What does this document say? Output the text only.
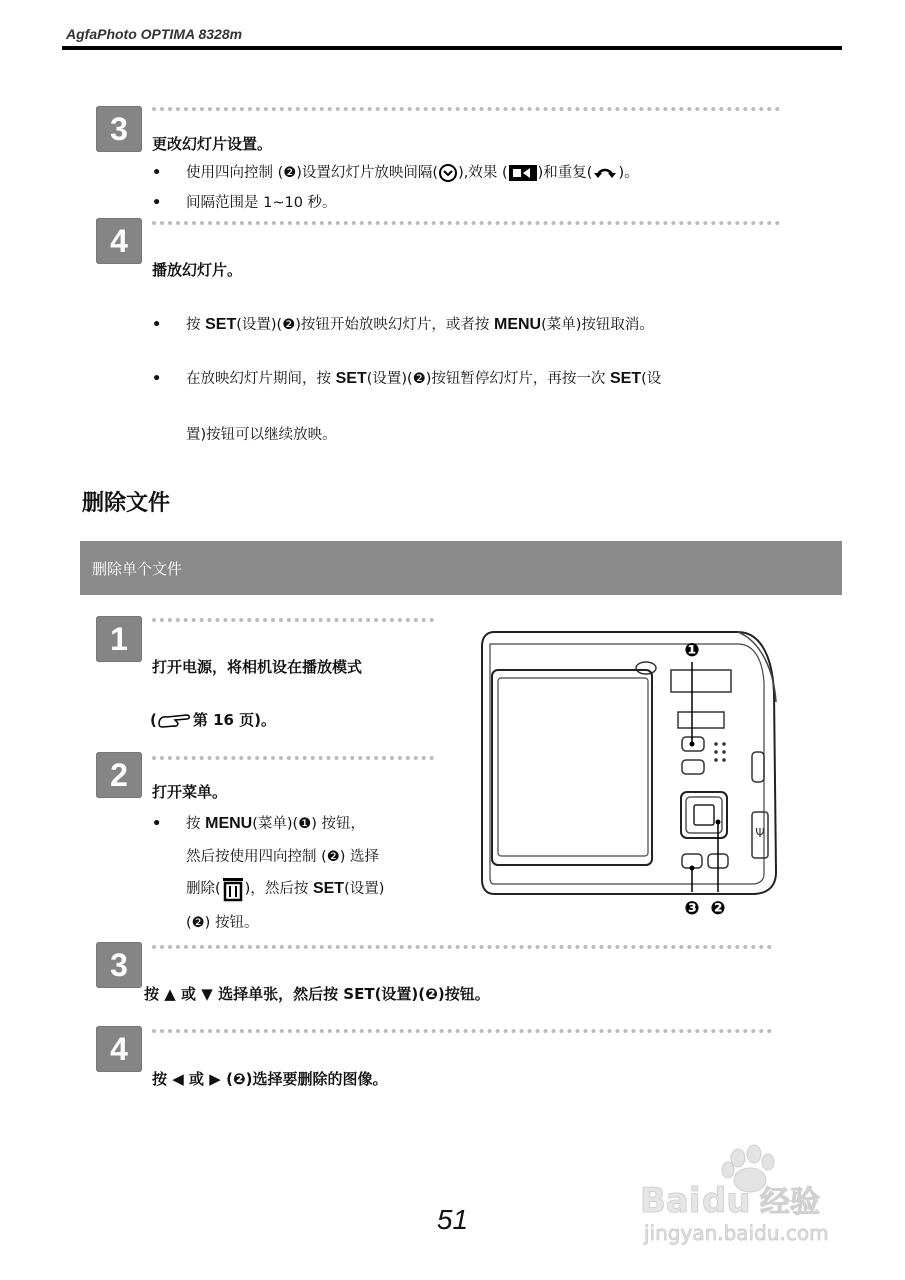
AgfaPhoto OPTIMA 8328m
3	更改幻灯片设置。
• 使用四向控制 (❷)设置幻灯片放映间隔( ),效果 ( )和重复( )。
• 间隔范围是 1~10 秒。
4
播放幻灯片。
• 按 SET(设置)(❷)按钮开始放映幻灯片，或者按 MENU(菜单)按钮取消。
• 在放映幻灯片期间，按 SET(设置)(❷)按钮暂停幻灯片，再按一次 SET(设
置)按钮可以继续放映。
删除文件
删除单个文件
1
打开电源，将相机设在播放模式
( 第 16 页)。
2	打开菜单。
• 按 MENU(菜单)(❶) 按钮，
然后按使用四向控制 (❷) 选择
删除( )，然后按 SET(设置)
(❷) 按钮。
Ψ
❶
❸ ❷
3
按 ▲ 或 ▼ 选择单张，然后按 SET(设置)(❷)按钮。
4
按 ◀ 或 ▶ (❷)选择要删除的图像。
Bai du 经验
jingyan.baidu.com
51
